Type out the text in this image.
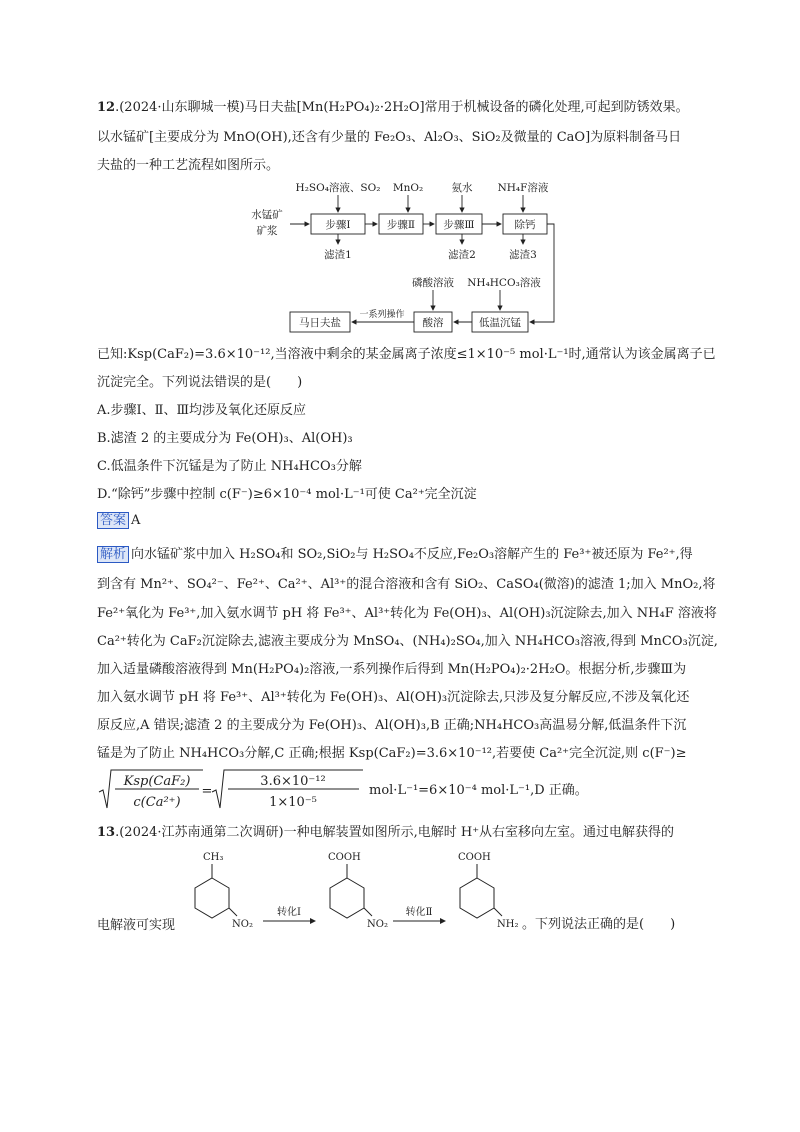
12.(2024·山东聊城一模)马日夫盐[Mn(H₂PO₄)₂·2H₂O]常用于机械设备的磷化处理,可起到防锈效果。
以水锰矿[主要成分为 MnO(OH),还含有少量的 Fe₂O₃、Al₂O₃、SiO₂及微量的 CaO]为原料制备马日
夫盐的一种工艺流程如图所示。
水锰矿
矿浆
H₂SO₄溶液、SO₂ MnO₂	氨水 NH₄F溶液
步骤Ⅰ	步骤Ⅱ	步骤Ⅲ	除钙
滤渣1	滤渣2	滤渣3
磷酸溶液 NH₄HCO₃溶液
低温沉锰
酸溶
马日夫盐
一系列操作
已知:Ksp(CaF₂)=3.6×10⁻¹²,当溶液中剩余的某金属离子浓度≤1×10⁻⁵ mol·L⁻¹时,通常认为该金属离子已
沉淀完全。下列说法错误的是(　　)
A.步骤Ⅰ、Ⅱ、Ⅲ均涉及氧化还原反应
B.滤渣 2 的主要成分为 Fe(OH)₃、Al(OH)₃
C.低温条件下沉锰是为了防止 NH₄HCO₃分解
D.“除钙”步骤中控制 c(F⁻)≥6×10⁻⁴ mol·L⁻¹可使 Ca²⁺完全沉淀
答案 A
解析 向水锰矿浆中加入 H₂SO₄和 SO₂,SiO₂与 H₂SO₄不反应,Fe₂O₃溶解产生的 Fe³⁺被还原为 Fe²⁺,得
到含有 Mn²⁺、SO₄²⁻、Fe²⁺、Ca²⁺、Al³⁺的混合溶液和含有 SiO₂、CaSO₄(微溶)的滤渣 1;加入 MnO₂,将
Fe²⁺氧化为 Fe³⁺,加入氨水调节 pH 将 Fe³⁺、Al³⁺转化为 Fe(OH)₃、Al(OH)₃沉淀除去,加入 NH₄F 溶液将
Ca²⁺转化为 CaF₂沉淀除去,滤液主要成分为 MnSO₄、(NH₄)₂SO₄,加入 NH₄HCO₃溶液,得到 MnCO₃沉淀,
加入适量磷酸溶液得到 Mn(H₂PO₄)₂溶液,一系列操作后得到 Mn(H₂PO₄)₂·2H₂O。根据分析,步骤Ⅲ为
加入氨水调节 pH 将 Fe³⁺、Al³⁺转化为 Fe(OH)₃、Al(OH)₃沉淀除去,只涉及复分解反应,不涉及氧化还
原反应,A 错误;滤渣 2 的主要成分为 Fe(OH)₃、Al(OH)₃,B 正确;NH₄HCO₃高温易分解,低温条件下沉
锰是为了防止 NH₄HCO₃分解,C 正确;根据 Ksp(CaF₂)=3.6×10⁻¹²,若要使 Ca²⁺完全沉淀,则 c(F⁻)≥
Ksp(CaF₂)
c(Ca²⁺)
=
3.6×10⁻¹²
1×10⁻⁵
mol·L⁻¹=6×10⁻⁴ mol·L⁻¹,D 正确。
13.(2024·江苏南通第二次调研)一种电解装置如图所示,电解时 H⁺从右室移向左室。通过电解获得的
电解液可实现
CH₃
NO₂
COOH
NO₂
COOH
NH₂
转化Ⅰ	转化Ⅱ
。下列说法正确的是(　　)
